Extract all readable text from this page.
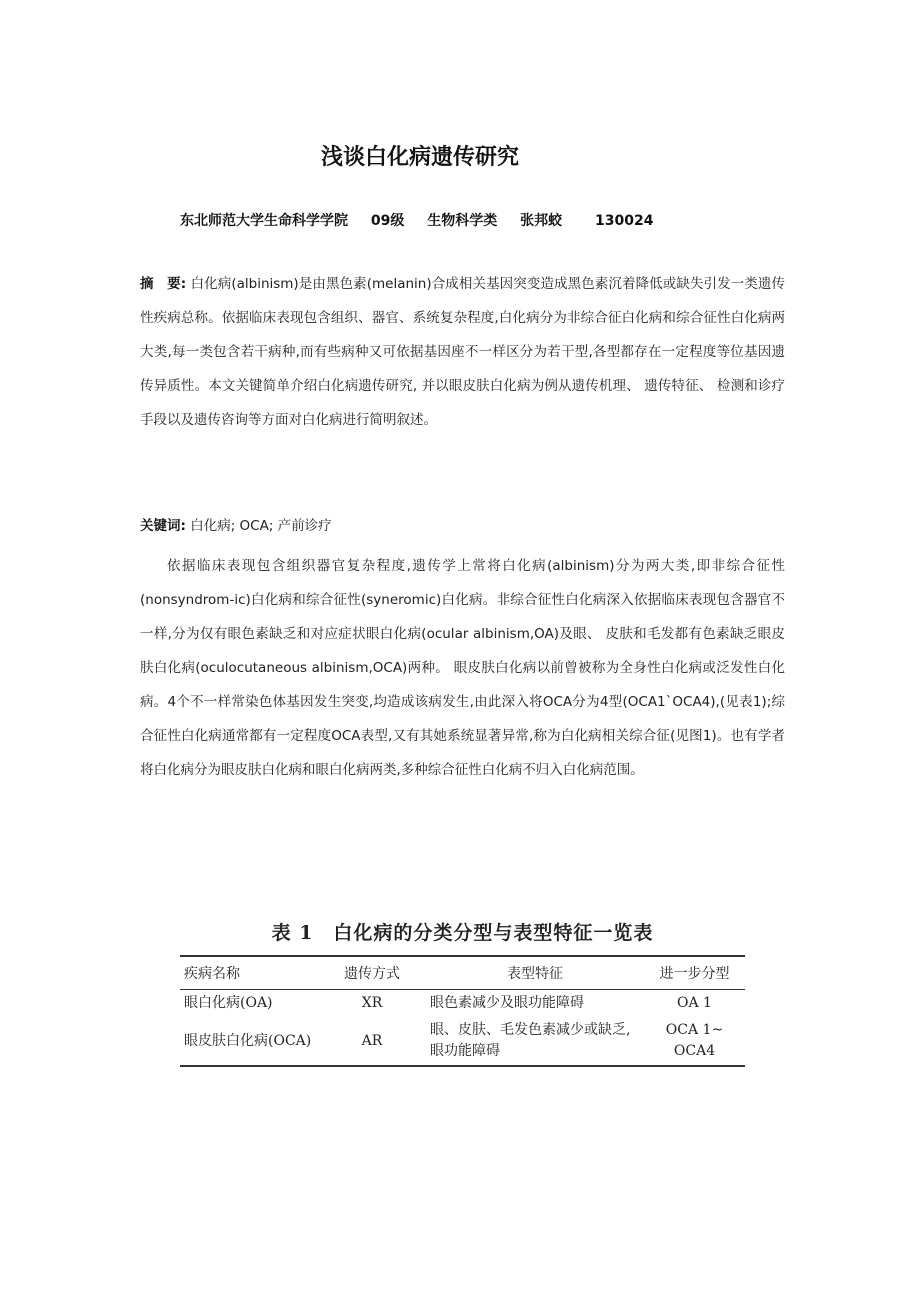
浅谈白化病遗传研究
东北师范大学生命科学学院 09级 生物科学类 张邦蛟 130024
摘　要: 白化病(albinism)是由黑色素(melanin)合成相关基因突变造成黑色素沉着降低或缺失引发一类遗传性疾病总称。依据临床表现包含组织、器官、系统复杂程度,白化病分为非综合征白化病和综合征性白化病两大类,每一类包含若干病种,而有些病种又可依据基因座不一样区分为若干型,各型都存在一定程度等位基因遗传异质性。本文关键简单介绍白化病遗传研究, 并以眼皮肤白化病为例从遗传机理、 遗传特征、 检测和诊疗手段以及遗传咨询等方面对白化病进行简明叙述。
关键词: 白化病; OCA; 产前诊疗
依据临床表现包含组织器官复杂程度,遗传学上常将白化病(albinism)分为两大类,即非综合征性(nonsyndrom-ic)白化病和综合征性(syneromic)白化病。非综合征性白化病深入依据临床表现包含器官不一样,分为仅有眼色素缺乏和对应症状眼白化病(ocular albinism,OA)及眼、 皮肤和毛发都有色素缺乏眼皮肤白化病(oculocutaneous albinism,OCA)两种。 眼皮肤白化病以前曾被称为全身性白化病或泛发性白化病。4个不一样常染色体基因发生突变,均造成该病发生,由此深入将OCA分为4型(OCA1`OCA4),(见表1);综合征性白化病通常都有一定程度OCA表型,又有其她系统显著异常,称为白化病相关综合征(见图1)。也有学者将白化病分为眼皮肤白化病和眼白化病两类,多种综合征性白化病不归入白化病范围。
表 1　白化病的分类分型与表型特征一览表
疾病名称	遗传方式	表型特征	进一步分型
眼白化病(OA)	XR	眼色素减少及眼功能障碍	OA 1
眼皮肤白化病(OCA)	AR	眼、皮肤、毛发色素减少或缺乏,眼功能障碍	OCA 1~ OCA4
